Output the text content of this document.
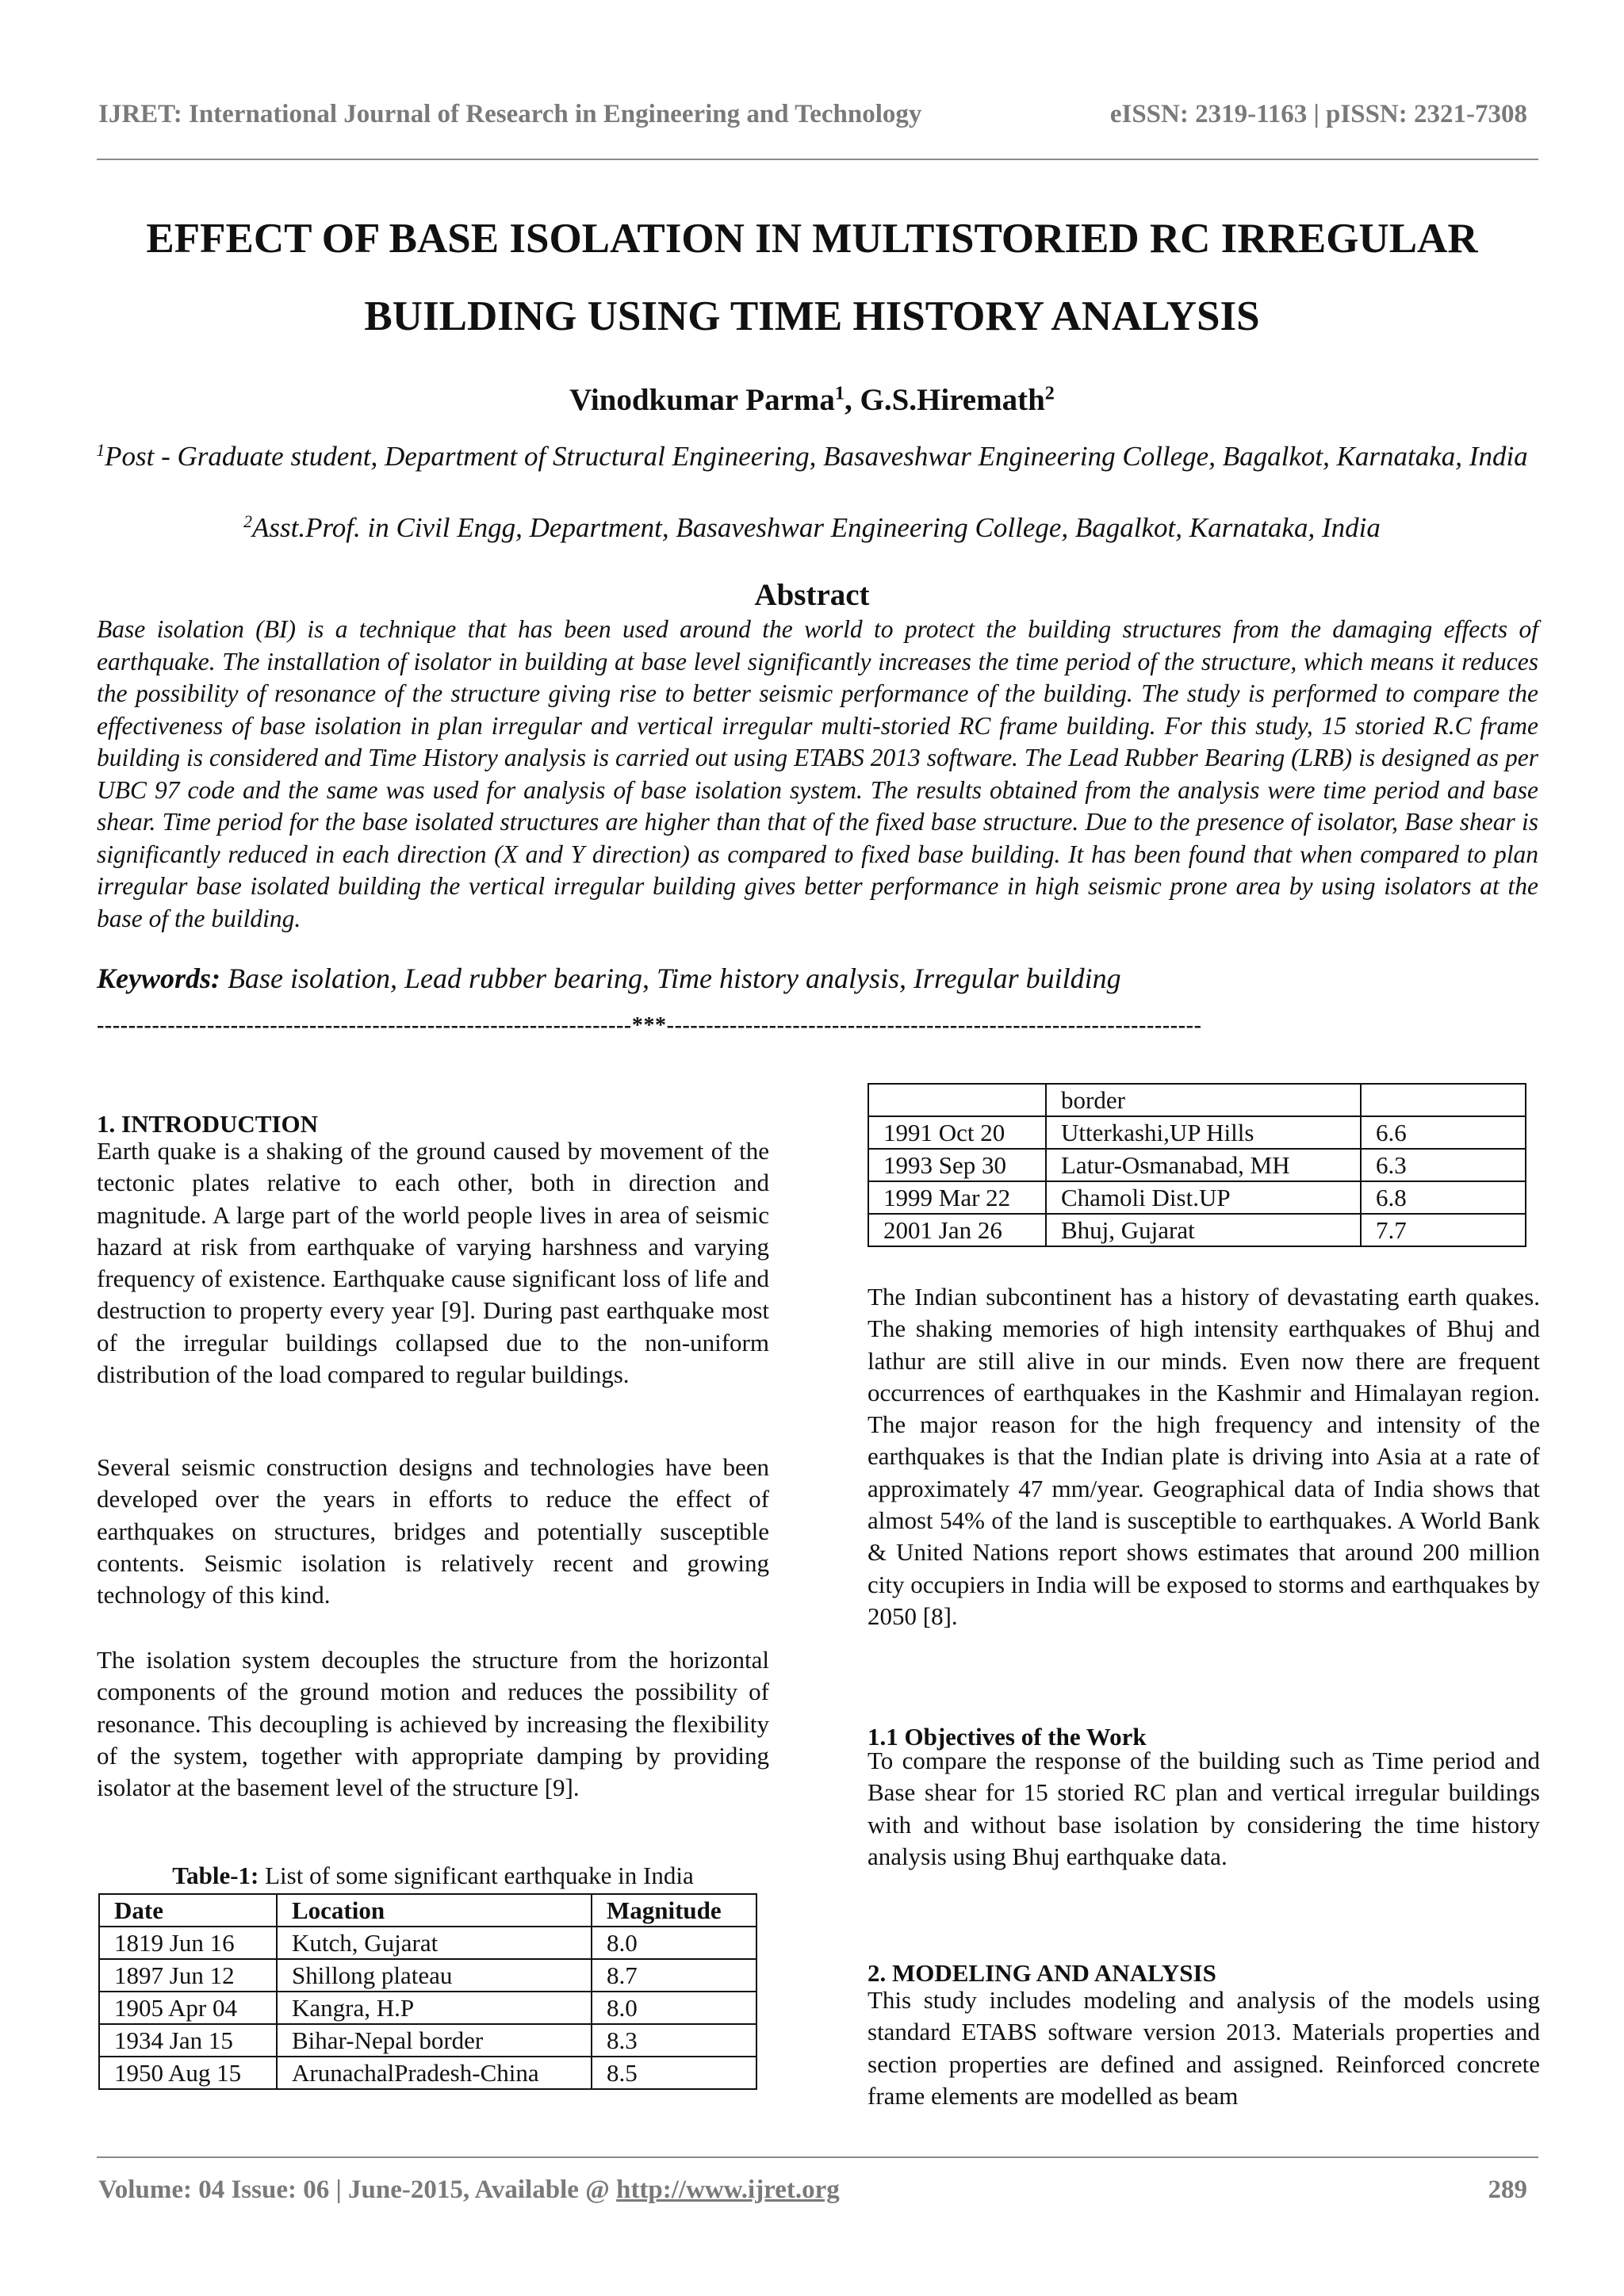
IJRET: International Journal of Research in Engineering and Technology	eISSN: 2319-1163 | pISSN: 2321-7308
EFFECT OF BASE ISOLATION IN MULTISTORIED RC IRREGULAR BUILDING USING TIME HISTORY ANALYSIS
Vinodkumar Parma$^1$, G.S.Hiremath$^2$
$^1$Post - Graduate student, Department of Structural Engineering, Basaveshwar Engineering College, Bagalkot, Karnataka, India
$^2$Asst.Prof. in Civil Engg, Department, Basaveshwar Engineering College, Bagalkot, Karnataka, India
Abstract
Base isolation (BI) is a technique that has been used around the world to protect the building structures from the damaging effects of earthquake. The installation of isolator in building at base level significantly increases the time period of the structure, which means it reduces the possibility of resonance of the structure giving rise to better seismic performance of the building. The study is performed to compare the effectiveness of base isolation in plan irregular and vertical irregular multi-storied RC frame building. For this study, 15 storied R.C frame building is considered and Time History analysis is carried out using ETABS 2013 software. The Lead Rubber Bearing (LRB) is designed as per UBC 97 code and the same was used for analysis of base isolation system. The results obtained from the analysis were time period and base shear. Time period for the base isolated structures are higher than that of the fixed base structure. Due to the presence of isolator, Base shear is significantly reduced in each direction (X and Y direction) as compared to fixed base building. It has been found that when compared to plan irregular base isolated building the vertical irregular building gives better performance in high seismic prone area by using isolators at the base of the building.
Keywords: Base isolation, Lead rubber bearing, Time history analysis, Irregular building
--------------------------------------------------------------------***--------------------------------------------------------------------
1. INTRODUCTION

Earth quake is a shaking of the ground caused by movement of the tectonic plates relative to each other, both in direction and magnitude. A large part of the world people lives in area of seismic hazard at risk from earthquake of varying harshness and varying frequency of existence. Earthquake cause significant loss of life and destruction to property every year [9]. During past earthquake most of the irregular buildings collapsed due to the non-uniform distribution of the load compared to regular buildings.

Several seismic construction designs and technologies have been developed over the years in efforts to reduce the effect of earthquakes on structures, bridges and potentially susceptible contents. Seismic isolation is relatively recent and growing technology of this kind.

The isolation system decouples the structure from the horizontal components of the ground motion and reduces the possibility of resonance. This decoupling is achieved by increasing the flexibility of the system, together with appropriate damping by providing isolator at the basement level of the structure [9].

Table-1: List of some significant earthquake in India
Date	Location	Magnitude
1819 Jun 16	Kutch, Gujarat	8.0
1897 Jun 12	Shillong plateau	8.7
1905 Apr 04	Kangra, H.P	8.0
1934 Jan 15	Bihar-Nepal border	8.3
1950 Aug 15	ArunachalPradesh-China	8.5
	border	
1991 Oct 20	Utterkashi,UP Hills	6.6
1993 Sep 30	Latur-Osmanabad, MH	6.3
1999 Mar 22	Chamoli Dist.UP	6.8
2001 Jan 26	Bhuj, Gujarat	7.7

The Indian subcontinent has a history of devastating earth quakes. The shaking memories of high intensity earthquakes of Bhuj and lathur are still alive in our minds. Even now there are frequent occurrences of earthquakes in the Kashmir and Himalayan region. The major reason for the high frequency and intensity of the earthquakes is that the Indian plate is driving into Asia at a rate of approximately 47 mm/year. Geographical data of India shows that almost 54% of the land is susceptible to earthquakes. A World Bank & United Nations report shows estimates that around 200 million city occupiers in India will be exposed to storms and earthquakes by 2050 [8].

1.1 Objectives of the Work

To compare the response of the building such as Time period and Base shear for 15 storied RC plan and vertical irregular buildings with and without base isolation by considering the time history analysis using Bhuj earthquake data.

2. MODELING AND ANALYSIS

This study includes modeling and analysis of the models using standard ETABS software version 2013. Materials properties and section properties are defined and assigned. Reinforced concrete frame elements are modelled as beam

Volume: 04 Issue: 06 | June-2015, Available @ http://www.ijret.org	289
